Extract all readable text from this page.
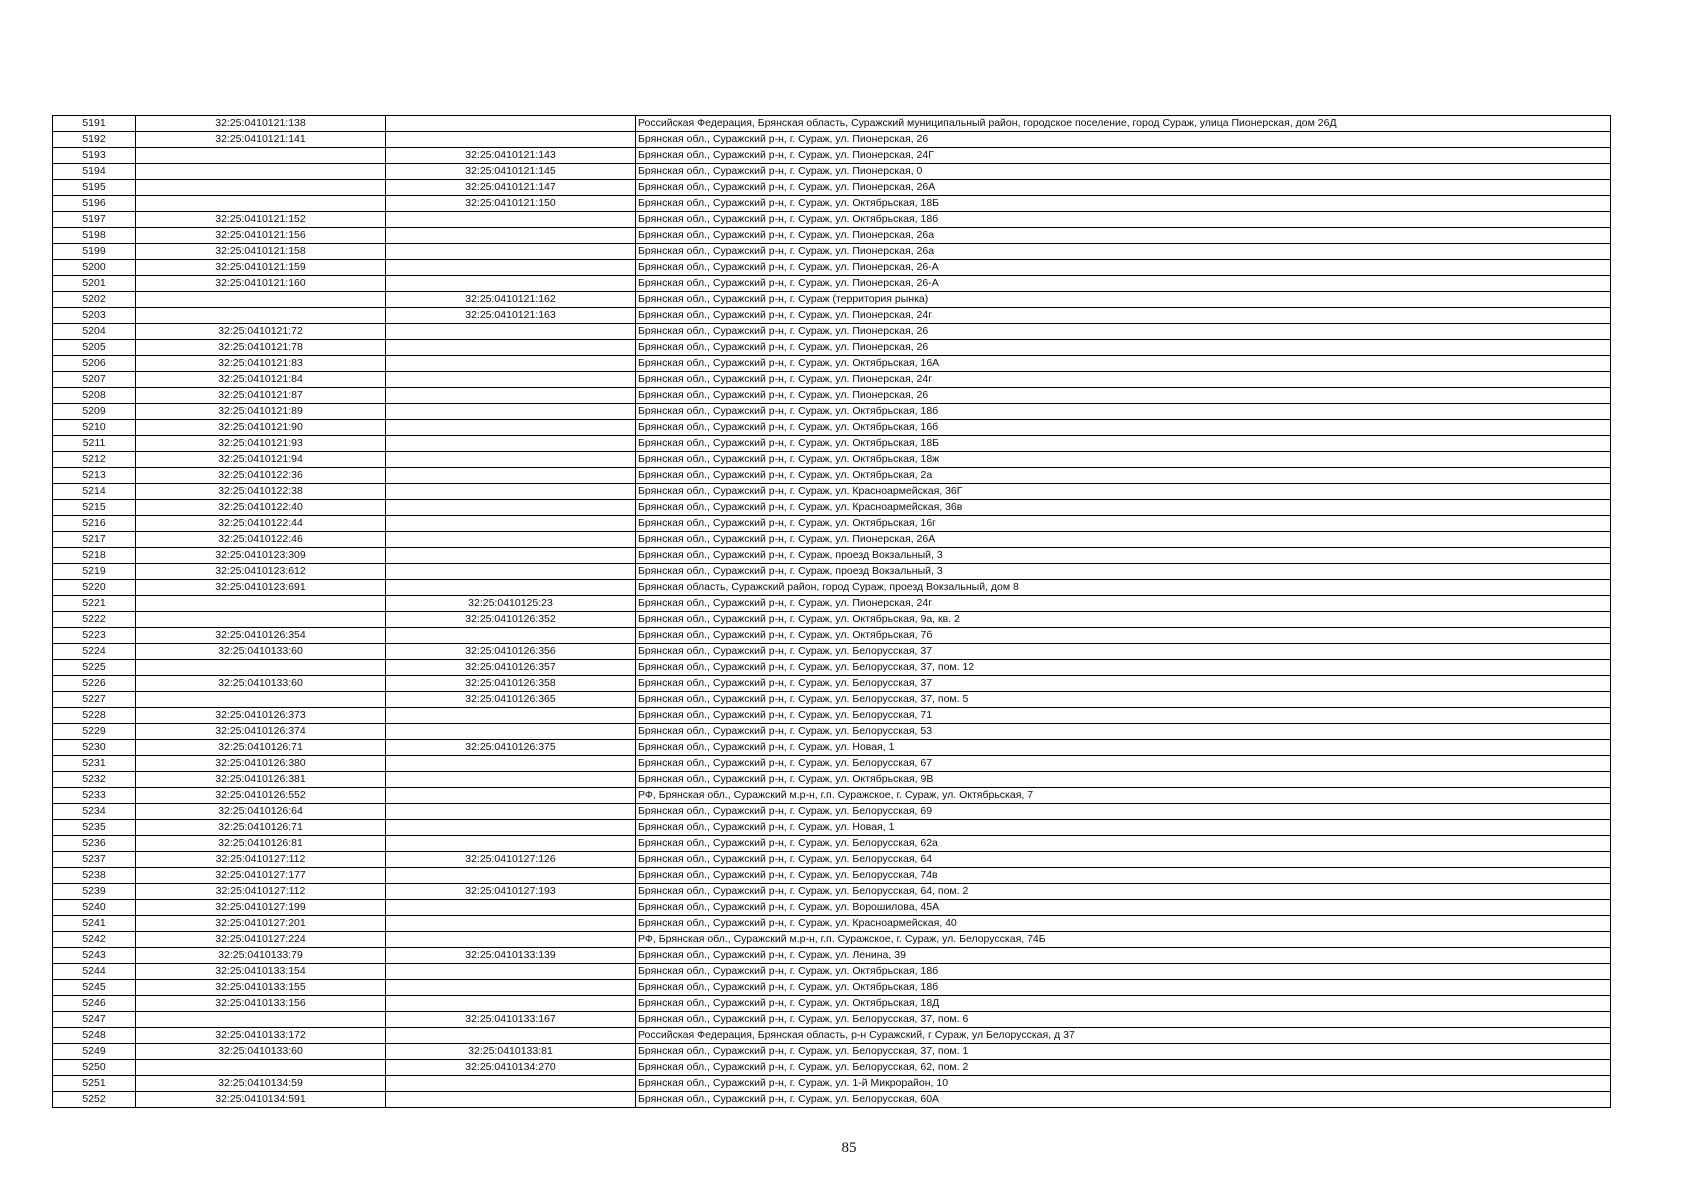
5191	32:25:0410121:138		Российская Федерация, Брянская область, Суражский муниципальный район, городское поселение, город Сураж, улица Пионерская, дом 26Д
5192	32:25:0410121:141		Брянская обл., Суражский р-н, г. Сураж, ул. Пионерская, 26
5193		32:25:0410121:143	Брянская обл., Суражский р-н, г. Сураж, ул. Пионерская, 24Г
5194		32:25:0410121:145	Брянская обл., Суражский р-н, г. Сураж, ул. Пионерская, 0
5195		32:25:0410121:147	Брянская обл., Суражский р-н, г. Сураж, ул. Пионерская, 26А
5196		32:25:0410121:150	Брянская обл., Суражский р-н, г. Сураж, ул. Октябрьская, 18Б
5197	32:25:0410121:152		Брянская обл., Суражский р-н, г. Сураж, ул. Октябрьская, 18б
5198	32:25:0410121:156		Брянская обл., Суражский р-н, г. Сураж, ул. Пионерская, 26а
5199	32:25:0410121:158		Брянская обл., Суражский р-н, г. Сураж, ул. Пионерская, 26а
5200	32:25:0410121:159		Брянская обл., Суражский р-н, г. Сураж, ул. Пионерская, 26-А
5201	32:25:0410121:160		Брянская обл., Суражский р-н, г. Сураж, ул. Пионерская, 26-А
5202		32:25:0410121:162	Брянская обл., Суражский р-н, г. Сураж (территория рынка)
5203		32:25:0410121:163	Брянская обл., Суражский р-н, г. Сураж, ул. Пионерская, 24г
5204	32:25:0410121:72		Брянская обл., Суражский р-н, г. Сураж, ул. Пионерская, 26
5205	32:25:0410121:78		Брянская обл., Суражский р-н, г. Сураж, ул. Пионерская, 26
5206	32:25:0410121:83		Брянская обл., Суражский р-н, г. Сураж, ул. Октябрьская, 16А
5207	32:25:0410121:84		Брянская обл., Суражский р-н, г. Сураж, ул. Пионерская, 24г
5208	32:25:0410121:87		Брянская обл., Суражский р-н, г. Сураж, ул. Пионерская, 26
5209	32:25:0410121:89		Брянская обл., Суражский р-н, г. Сураж, ул. Октябрьская, 18б
5210	32:25:0410121:90		Брянская обл., Суражский р-н, г. Сураж, ул. Октябрьская, 16б
5211	32:25:0410121:93		Брянская обл., Суражский р-н, г. Сураж, ул. Октябрьская, 18Б
5212	32:25:0410121:94		Брянская обл., Суражский р-н, г. Сураж, ул. Октябрьская, 18ж
5213	32:25:0410122:36		Брянская обл., Суражский р-н, г. Сураж, ул. Октябрьская, 2а
5214	32:25:0410122:38		Брянская обл., Суражский р-н, г. Сураж, ул. Красноармейская, 36Г
5215	32:25:0410122:40		Брянская обл., Суражский р-н, г. Сураж, ул. Красноармейская, 36в
5216	32:25:0410122:44		Брянская обл., Суражский р-н, г. Сураж, ул. Октябрьская, 16г
5217	32:25:0410122:46		Брянская обл., Суражский р-н, г. Сураж, ул. Пионерская, 26А
5218	32:25:0410123:309		Брянская обл., Суражский р-н, г. Сураж, проезд Вокзальный, 3
5219	32:25:0410123:612		Брянская обл., Суражский р-н, г. Сураж, проезд Вокзальный, 3
5220	32:25:0410123:691		Брянская область, Суражский район, город Сураж, проезд Вокзальный, дом 8
5221		32:25:0410125:23	Брянская обл., Суражский р-н, г. Сураж, ул. Пионерская, 24г
5222		32:25:0410126:352	Брянская обл., Суражский р-н, г. Сураж, ул. Октябрьская, 9а, кв. 2
5223	32:25:0410126:354		Брянская обл., Суражский р-н, г. Сураж, ул. Октябрьская, 7б
5224	32:25:0410133:60	32:25:0410126:356	Брянская обл., Суражский р-н, г. Сураж, ул. Белорусская, 37
5225		32:25:0410126:357	Брянская обл., Суражский р-н, г. Сураж, ул. Белорусская, 37, пом. 12
5226	32:25:0410133:60	32:25:0410126:358	Брянская обл., Суражский р-н, г. Сураж, ул. Белорусская, 37
5227		32:25:0410126:365	Брянская обл., Суражский р-н, г. Сураж, ул. Белорусская, 37, пом. 5
5228	32:25:0410126:373		Брянская обл., Суражский р-н, г. Сураж, ул. Белорусская, 71
5229	32:25:0410126:374		Брянская обл., Суражский р-н, г. Сураж, ул. Белорусская, 53
5230	32:25:0410126:71	32:25:0410126:375	Брянская обл., Суражский р-н, г. Сураж, ул. Новая, 1
5231	32:25:0410126:380		Брянская обл., Суражский р-н, г. Сураж, ул. Белорусская, 67
5232	32:25:0410126:381		Брянская обл., Суражский р-н, г. Сураж, ул. Октябрьская, 9В
5233	32:25:0410126:552		РФ, Брянская обл., Суражский м.р-н, г.п. Суражское, г. Сураж, ул. Октябрьская, 7
5234	32:25:0410126:64		Брянская обл., Суражский р-н, г. Сураж, ул. Белорусская, 69
5235	32:25:0410126:71		Брянская обл., Суражский р-н, г. Сураж, ул. Новая, 1
5236	32:25:0410126:81		Брянская обл., Суражский р-н, г. Сураж, ул. Белорусская, 62а
5237	32:25:0410127:112	32:25:0410127:126	Брянская обл., Суражский р-н, г. Сураж, ул. Белорусская, 64
5238	32:25:0410127:177		Брянская обл., Суражский р-н, г. Сураж, ул. Белорусская, 74в
5239	32:25:0410127:112	32:25:0410127:193	Брянская обл., Суражский р-н, г. Сураж, ул. Белорусская, 64, пом. 2
5240	32:25:0410127:199		Брянская обл., Суражский р-н, г. Сураж, ул. Ворошилова, 45А
5241	32:25:0410127:201		Брянская обл., Суражский р-н, г. Сураж, ул. Красноармейская, 40
5242	32:25:0410127:224		РФ, Брянская обл., Суражский м.р-н, г.п. Суражское, г. Сураж, ул. Белорусская, 74Б
5243	32:25:0410133:79	32:25:0410133:139	Брянская обл., Суражский р-н, г. Сураж, ул. Ленина, 39
5244	32:25:0410133:154		Брянская обл., Суражский р-н, г. Сураж, ул. Октябрьская, 18б
5245	32:25:0410133:155		Брянская обл., Суражский р-н, г. Сураж, ул. Октябрьская, 18б
5246	32:25:0410133:156		Брянская обл., Суражский р-н, г. Сураж, ул. Октябрьская, 18Д
5247		32:25:0410133:167	Брянская обл., Суражский р-н, г. Сураж, ул. Белорусская, 37, пом. 6
5248	32:25:0410133:172		Российская Федерация, Брянская область, р-н Суражский, г Сураж, ул Белорусская, д 37
5249	32:25:0410133:60	32:25:0410133:81	Брянская обл., Суражский р-н, г. Сураж, ул. Белорусская, 37, пом. 1
5250		32:25:0410134:270	Брянская обл., Суражский р-н, г. Сураж, ул. Белорусская, 62, пом. 2
5251	32:25:0410134:59		Брянская обл., Суражский р-н, г. Сураж, ул. 1-й Микрорайон, 10
5252	32:25:0410134:591		Брянская обл., Суражский р-н, г. Сураж, ул. Белорусская, 60А
85
